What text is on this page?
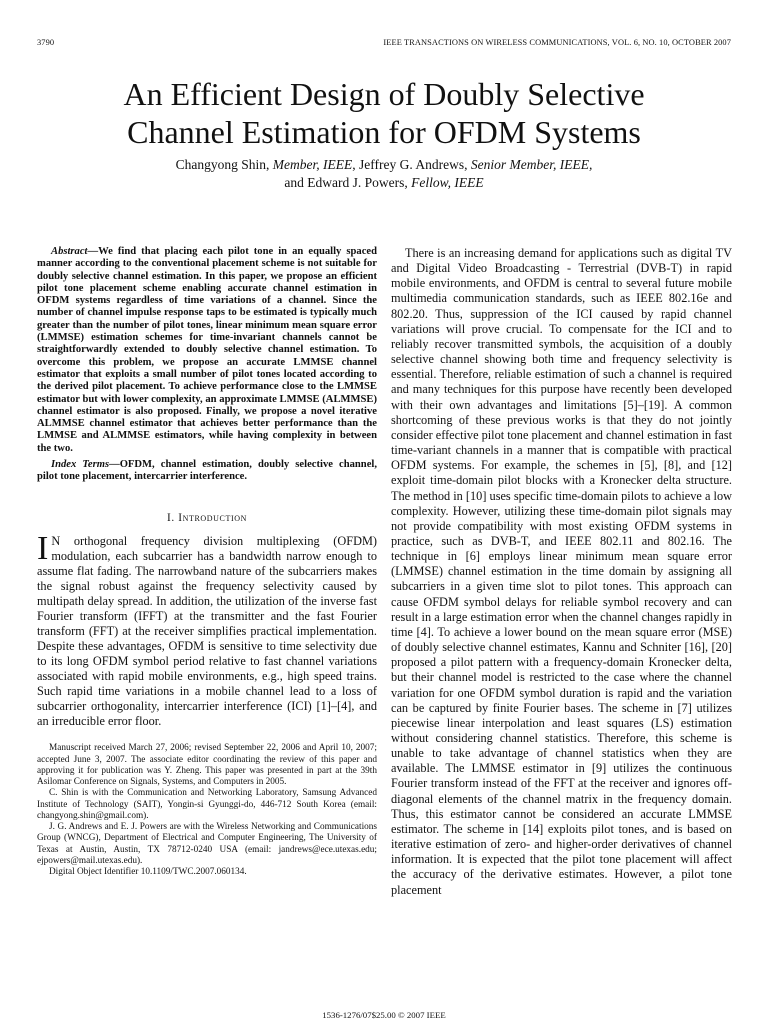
3790	IEEE TRANSACTIONS ON WIRELESS COMMUNICATIONS, VOL. 6, NO. 10, OCTOBER 2007
An Efficient Design of Doubly Selective
Channel Estimation for OFDM Systems
Changyong Shin, Member, IEEE, Jeffrey G. Andrews, Senior Member, IEEE,
and Edward J. Powers, Fellow, IEEE

Abstract—We find that placing each pilot tone in an equally spaced manner according to the conventional placement scheme is not suitable for doubly selective channel estimation. In this paper, we propose an efficient pilot tone placement scheme enabling accurate channel estimation in OFDM systems regardless of time variations of a channel. Since the number of channel impulse response taps to be estimated is typically much greater than the number of pilot tones, linear minimum mean square error (LMMSE) estimation schemes for time-invariant channels cannot be straightforwardly extended to doubly selective channel estimation. To overcome this problem, we propose an accurate LMMSE channel estimator that exploits a small number of pilot tones located according to the derived pilot placement. To achieve performance close to the LMMSE estimator but with lower complexity, an approximate LMMSE (ALMMSE) channel estimator is also proposed. Finally, we propose a novel iterative ALMMSE channel estimator that achieves better performance than the LMMSE and ALMMSE estimators, while having complexity in between the two.

Index Terms—OFDM, channel estimation, doubly selective channel, pilot tone placement, intercarrier interference.

I. Introduction

I N orthogonal frequency division multiplexing (OFDM) modulation, each subcarrier has a bandwidth narrow enough to assume flat fading. The narrowband nature of the subcarriers makes the signal robust against the frequency selectivity caused by multipath delay spread. In addition, the utilization of the inverse fast Fourier transform (IFFT) at the transmitter and the fast Fourier transform (FFT) at the receiver simplifies practical implementation. Despite these advantages, OFDM is sensitive to time selectivity due to its long OFDM symbol period relative to fast channel variations associated with rapid mobile environments, e.g., high speed trains. Such rapid time variations in a mobile channel lead to a loss of subcarrier orthogonality, intercarrier interference (ICI) [1]–[4], and an irreducible error floor.

Manuscript received March 27, 2006; revised September 22, 2006 and April 10, 2007; accepted June 3, 2007. The associate editor coordinating the review of this paper and approving it for publication was Y. Zheng. This paper was presented in part at the 39th Asilomar Conference on Signals, Systems, and Computers in 2005.

C. Shin is with the Communication and Networking Laboratory, Samsung Advanced Institute of Technology (SAIT), Yongin-si Gyunggi-do, 446-712 South Korea (email: changyong.shin@gmail.com).

J. G. Andrews and E. J. Powers are with the Wireless Networking and Communications Group (WNCG), Department of Electrical and Computer Engineering, The University of Texas at Austin, Austin, TX 78712-0240 USA (email: jandrews@ece.utexas.edu; ejpowers@mail.utexas.edu).

Digital Object Identifier 10.1109/TWC.2007.060134.

There is an increasing demand for applications such as digital TV and Digital Video Broadcasting - Terrestrial (DVB-T) in rapid mobile environments, and OFDM is central to several future mobile multimedia communication standards, such as IEEE 802.16e and 802.20. Thus, suppression of the ICI caused by rapid channel variations will prove crucial. To compensate for the ICI and to reliably recover transmitted symbols, the acquisition of a doubly selective channel showing both time and frequency selectivity is essential. Therefore, reliable estimation of such a channel is required and many techniques for this purpose have recently been developed with their own advantages and limitations [5]–[19]. A common shortcoming of these previous works is that they do not jointly consider effective pilot tone placement and channel estimation in fast time-variant channels in a manner that is compatible with practical OFDM systems. For example, the schemes in [5], [8], and [12] exploit time-domain pilot blocks with a Kronecker delta structure. The method in [10] uses specific time-domain pilots to achieve a low complexity. However, utilizing these time-domain pilot signals may not provide compatibility with most existing OFDM systems in practice, such as DVB-T, and IEEE 802.11 and 802.16. The technique in [6] employs linear minimum mean square error (LMMSE) channel estimation in the time domain by assigning all subcarriers in a given time slot to pilot tones. This approach can cause OFDM symbol delays for reliable symbol recovery and can result in a large estimation error when the channel changes rapidly in time [4]. To achieve a lower bound on the mean square error (MSE) of doubly selective channel estimates, Kannu and Schniter [16], [20] proposed a pilot pattern with a frequency-domain Kronecker delta, but their channel model is restricted to the case where the channel variation for one OFDM symbol duration is rapid and the variation can be captured by finite Fourier bases. The scheme in [7] utilizes piecewise linear interpolation and least squares (LS) estimation without considering channel statistics. Therefore, this scheme is unable to take advantage of channel statistics when they are available. The LMMSE estimator in [9] utilizes the continuous Fourier transform instead of the FFT at the receiver and ignores off-diagonal elements of the channel matrix in the frequency domain. Thus, this estimator cannot be considered an accurate LMMSE estimator. The scheme in [14] exploits pilot tones, and is based on iterative estimation of zero- and higher-order derivatives of channel information. It is expected that the pilot tone placement will affect the accuracy of the derivative estimates. However, a pilot tone placement

1536-1276/07$25.00 © 2007 IEEE
